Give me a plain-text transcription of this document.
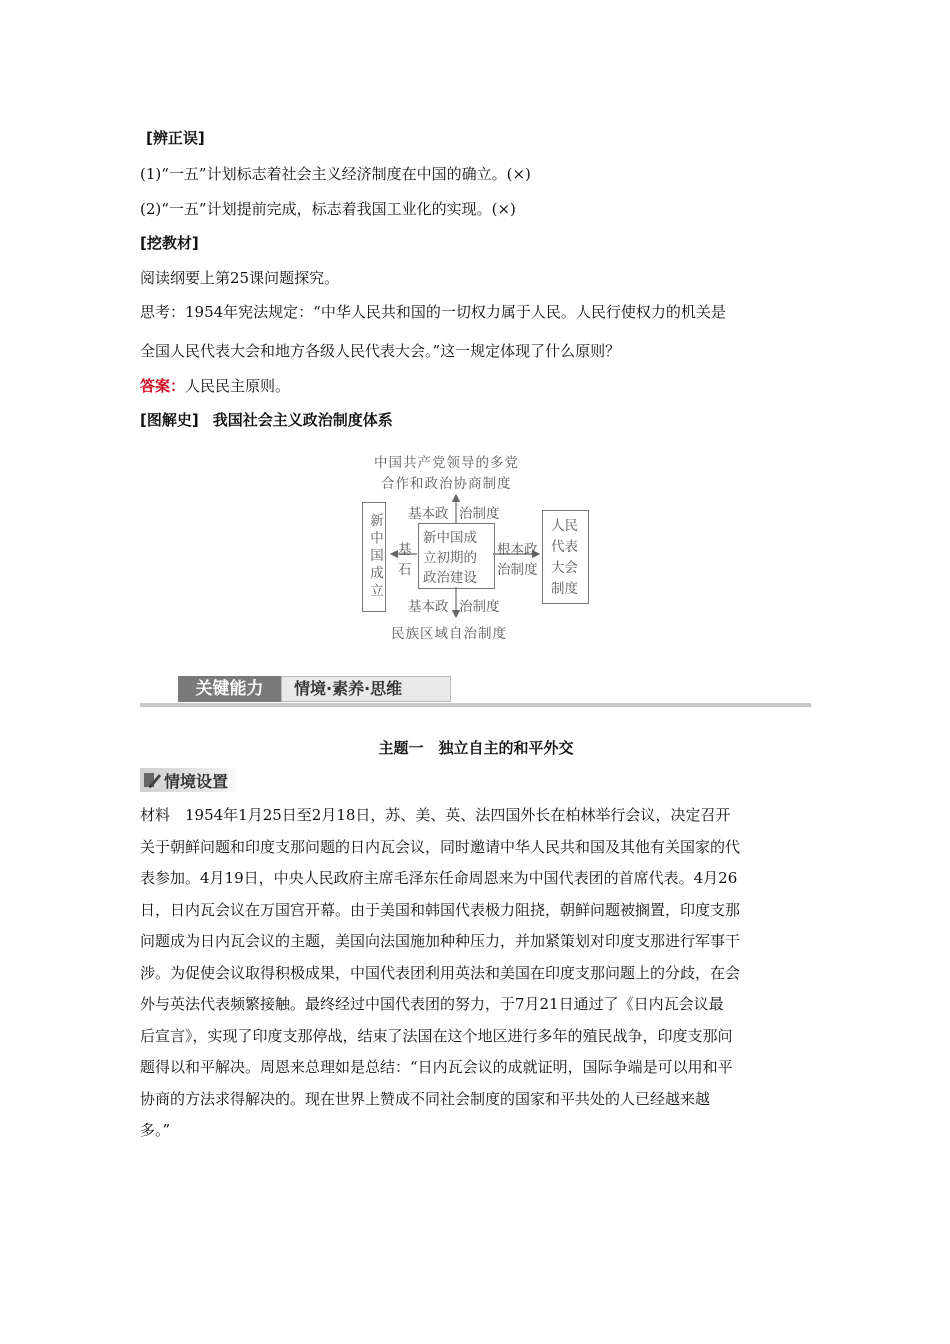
[辨正误]
(1)“一五”计划标志着社会主义经济制度在中国的确立。(×)
(2)“一五”计划提前完成，标志着我国工业化的实现。(×)
[挖教材]
阅读纲要上第25课问题探究。
思考：1954年宪法规定：“中华人民共和国的一切权力属于人民。人民行使权力的机关是
全国人民代表大会和地方各级人民代表大会。”这一规定体现了什么原则？
答案：人民民主原则。
[图解史] 我国社会主义政治制度体系
中国共产党领导的多党
合作和政治协商制度
基本政 治制度
新中国成立 基
石
新中国成
立初期的
政治建设
根本政
治制度
人民
代表
大会
制度
基本政 治制度
民族区域自治制度
关键能力	情境·素养·思维
主题一　独立自主的和平外交
情境设置
材料　1954年1月25日至2月18日，苏、美、英、法四国外长在柏林举行会议，决定召开
关于朝鲜问题和印度支那问题的日内瓦会议，同时邀请中华人民共和国及其他有关国家的代
表参加。4月19日，中央人民政府主席毛泽东任命周恩来为中国代表团的首席代表。4月26
日，日内瓦会议在万国宫开幕。由于美国和韩国代表极力阻挠，朝鲜问题被搁置，印度支那
问题成为日内瓦会议的主题，美国向法国施加种种压力，并加紧策划对印度支那进行军事干
涉。为促使会议取得积极成果，中国代表团利用英法和美国在印度支那问题上的分歧，在会
外与英法代表频繁接触。最终经过中国代表团的努力，于7月21日通过了《日内瓦会议最
后宣言》，实现了印度支那停战，结束了法国在这个地区进行多年的殖民战争，印度支那问
题得以和平解决。周恩来总理如是总结：“日内瓦会议的成就证明，国际争端是可以用和平
协商的方法求得解决的。现在世界上赞成不同社会制度的国家和平共处的人已经越来越
多。”
